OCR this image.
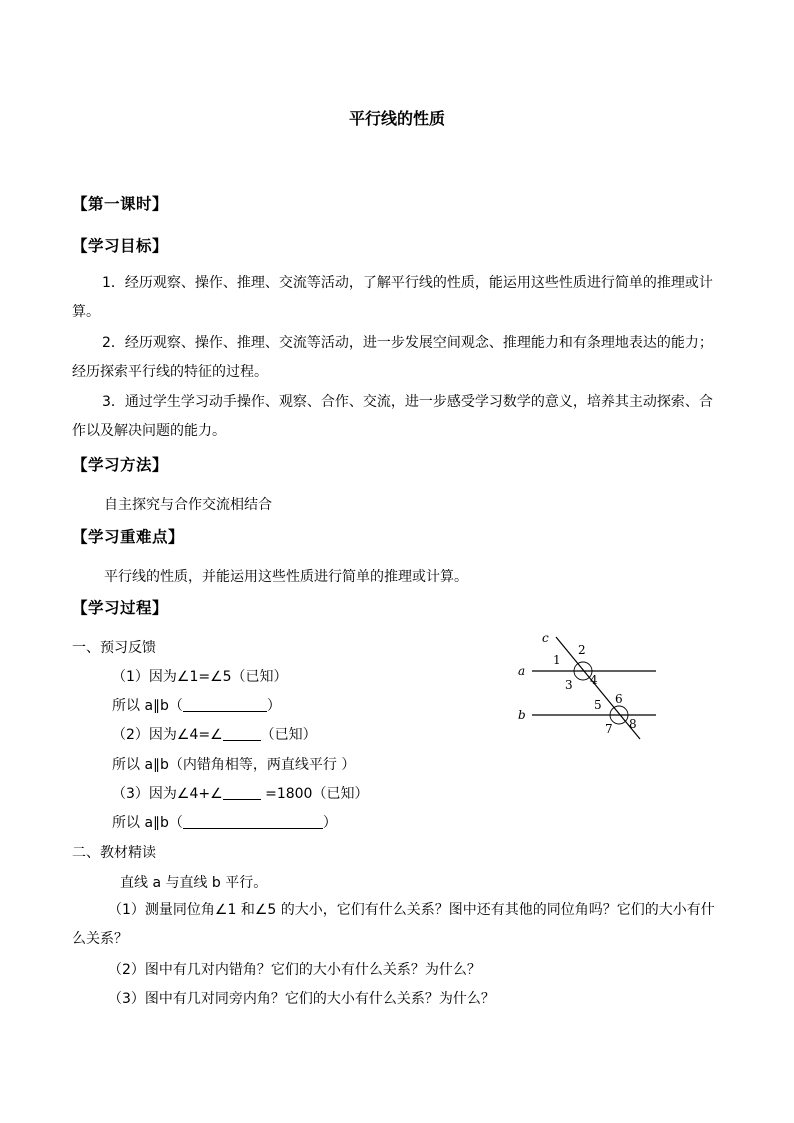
平行线的性质
【第一课时】
【学习目标】
1．经历观察、操作、推理、交流等活动，了解平行线的性质，能运用这些性质进行简单的推理或计算。
2．经历观察、操作、推理、交流等活动，进一步发展空间观念、推理能力和有条理地表达的能力；经历探索平行线的特征的过程。
3．通过学生学习动手操作、观察、合作、交流，进一步感受学习数学的意义，培养其主动探索、合作以及解决问题的能力。
【学习方法】
自主探究与合作交流相结合
【学习重难点】
平行线的性质，并能运用这些性质进行简单的推理或计算。
【学习过程】
一、预习反馈
（1）因为∠1=∠5（已知）
所以 a∥b（	）
（2）因为∠4=∠	（已知）
所以 a∥b（内错角相等，两直线平行 ）
（3）因为∠4+∠	=1800（已知）
所以 a∥b（	）
二、教材精读
直线 a 与直线 b 平行。
（1）测量同位角∠1 和∠5 的大小，它们有什么关系？图中还有其他的同位角吗？它们的大小有什么关系？
（2）图中有几对内错角？它们的大小有什么关系？为什么？
（3）图中有几对同旁内角？它们的大小有什么关系？为什么？
c
a
b
1
2
3 4
5 6
7 8
